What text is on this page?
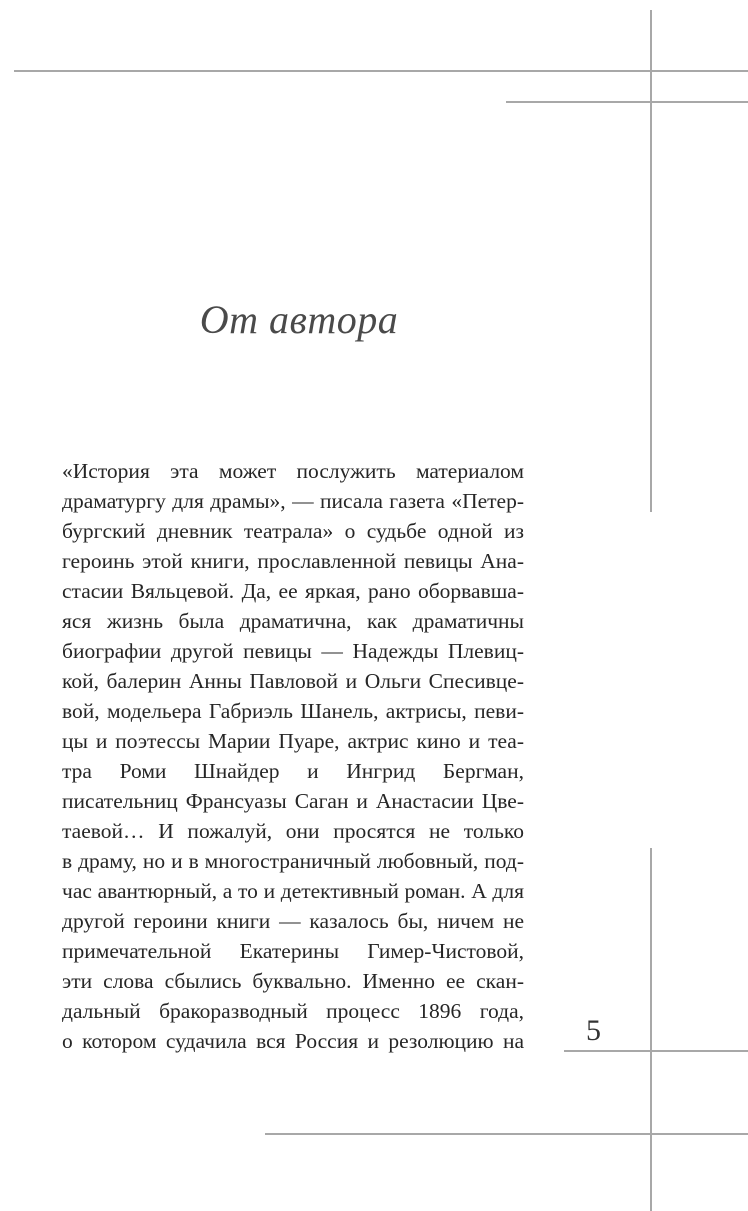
От автора
«История эта может послужить материалом
драматургу для драмы», — писала газета «Петер-
бургский дневник театрала» о судьбе одной из
героинь этой книги, прославленной певицы Ана-
стасии Вяльцевой. Да, ее яркая, рано оборвавша-
яся жизнь была драматична, как драматичны
биографии другой певицы — Надежды Плевиц-
кой, балерин Анны Павловой и Ольги Спесивце-
вой, модельера Габриэль Шанель, актрисы, певи-
цы и поэтессы Марии Пуаре, актрис кино и теа-
тра Роми Шнайдер и Ингрид Бергман,
писательниц Франсуазы Саган и Анастасии Цве-
таевой… И пожалуй, они просятся не только
в драму, но и в многостраничный любовный, под-
час авантюрный, а то и детективный роман. А для
другой героини книги — казалось бы, ничем не
примечательной Екатерины Гимер-Чистовой,
эти слова сбылись буквально. Именно ее скан-
дальный бракоразводный процесс 1896 года,
о котором судачила вся Россия и резолюцию на 5
